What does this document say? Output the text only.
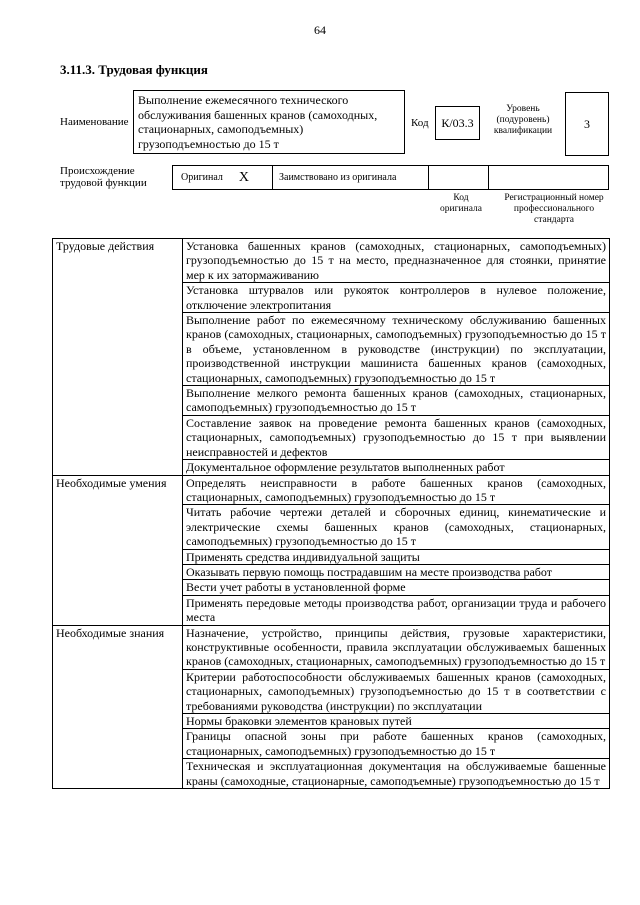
64
3.11.3. Трудовая функция
Наименование
Выполнение ежемесячного технического обслуживания башенных кранов (самоходных, стационарных, самоподъемных) грузоподъемностью до 15 т
Код	К/03.3
Уровень (подуровень) квалификации
3
Происхождение трудовой функции	Оригинал X	Заимствовано из оригинала
Код оригинала
Регистрационный номер профессионального стандарта
Трудовые действия	Установка башенных кранов (самоходных, стационарных, самоподъемных) грузоподъемностью до 15 т на место, предназначенное для стоянки, принятие мер к их затормаживанию
	Установка штурвалов или рукояток контроллеров в нулевое положение, отключение электропитания
	Выполнение работ по ежемесячному техническому обслуживанию башенных кранов (самоходных, стационарных, самоподъемных) грузоподъемностью до 15 т в объеме, установленном в руководстве (инструкции) по эксплуатации, производственной инструкции машиниста башенных кранов (самоходных, стационарных, самоподъемных) грузоподъемностью до 15 т
	Выполнение мелкого ремонта башенных кранов (самоходных, стационарных, самоподъемных) грузоподъемностью до 15 т
	Составление заявок на проведение ремонта башенных кранов (самоходных, стационарных, самоподъемных) грузоподъемностью до 15 т при выявлении неисправностей и дефектов
	Документальное оформление результатов выполненных работ
Необходимые умения	Определять неисправности в работе башенных кранов (самоходных, стационарных, самоподъемных) грузоподъемностью до 15 т
	Читать рабочие чертежи деталей и сборочных единиц, кинематические и электрические схемы башенных кранов (самоходных, стационарных, самоподъемных) грузоподъемностью до 15 т
	Применять средства индивидуальной защиты
	Оказывать первую помощь пострадавшим на месте производства работ
	Вести учет работы в установленной форме
	Применять передовые методы производства работ, организации труда и рабочего места
Необходимые знания	Назначение, устройство, принципы действия, грузовые характеристики, конструктивные особенности, правила эксплуатации обслуживаемых башенных кранов (самоходных, стационарных, самоподъемных) грузоподъемностью до 15 т
	Критерии работоспособности обслуживаемых башенных кранов (самоходных, стационарных, самоподъемных) грузоподъемностью до 15 т в соответствии с требованиями руководства (инструкции) по эксплуатации
	Нормы браковки элементов крановых путей
	Границы опасной зоны при работе башенных кранов (самоходных, стационарных, самоподъемных) грузоподъемностью до 15 т
	Техническая и эксплуатационная документация на обслуживаемые башенные краны (самоходные, стационарные, самоподъемные) грузоподъемностью до 15 т
